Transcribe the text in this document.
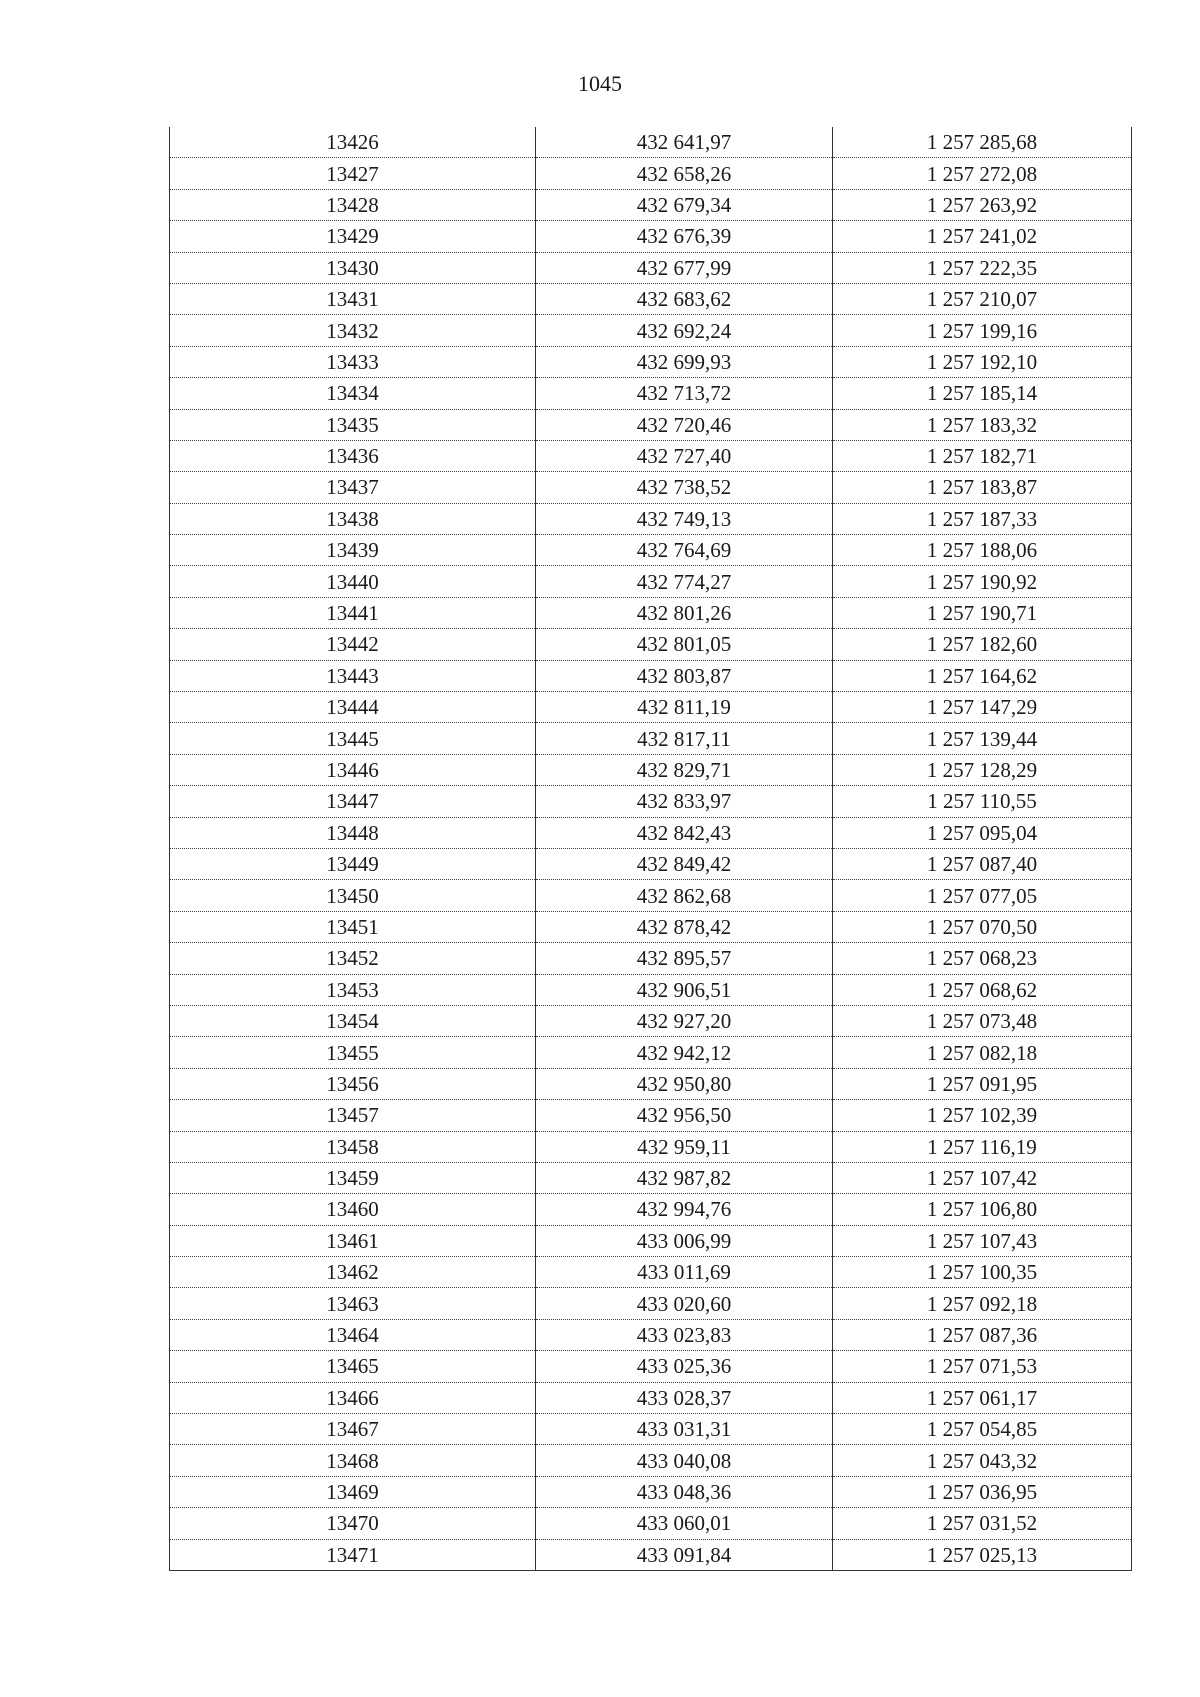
1045
13426	432 641,97	1 257 285,68
13427	432 658,26	1 257 272,08
13428	432 679,34	1 257 263,92
13429	432 676,39	1 257 241,02
13430	432 677,99	1 257 222,35
13431	432 683,62	1 257 210,07
13432	432 692,24	1 257 199,16
13433	432 699,93	1 257 192,10
13434	432 713,72	1 257 185,14
13435	432 720,46	1 257 183,32
13436	432 727,40	1 257 182,71
13437	432 738,52	1 257 183,87
13438	432 749,13	1 257 187,33
13439	432 764,69	1 257 188,06
13440	432 774,27	1 257 190,92
13441	432 801,26	1 257 190,71
13442	432 801,05	1 257 182,60
13443	432 803,87	1 257 164,62
13444	432 811,19	1 257 147,29
13445	432 817,11	1 257 139,44
13446	432 829,71	1 257 128,29
13447	432 833,97	1 257 110,55
13448	432 842,43	1 257 095,04
13449	432 849,42	1 257 087,40
13450	432 862,68	1 257 077,05
13451	432 878,42	1 257 070,50
13452	432 895,57	1 257 068,23
13453	432 906,51	1 257 068,62
13454	432 927,20	1 257 073,48
13455	432 942,12	1 257 082,18
13456	432 950,80	1 257 091,95
13457	432 956,50	1 257 102,39
13458	432 959,11	1 257 116,19
13459	432 987,82	1 257 107,42
13460	432 994,76	1 257 106,80
13461	433 006,99	1 257 107,43
13462	433 011,69	1 257 100,35
13463	433 020,60	1 257 092,18
13464	433 023,83	1 257 087,36
13465	433 025,36	1 257 071,53
13466	433 028,37	1 257 061,17
13467	433 031,31	1 257 054,85
13468	433 040,08	1 257 043,32
13469	433 048,36	1 257 036,95
13470	433 060,01	1 257 031,52
13471	433 091,84	1 257 025,13
